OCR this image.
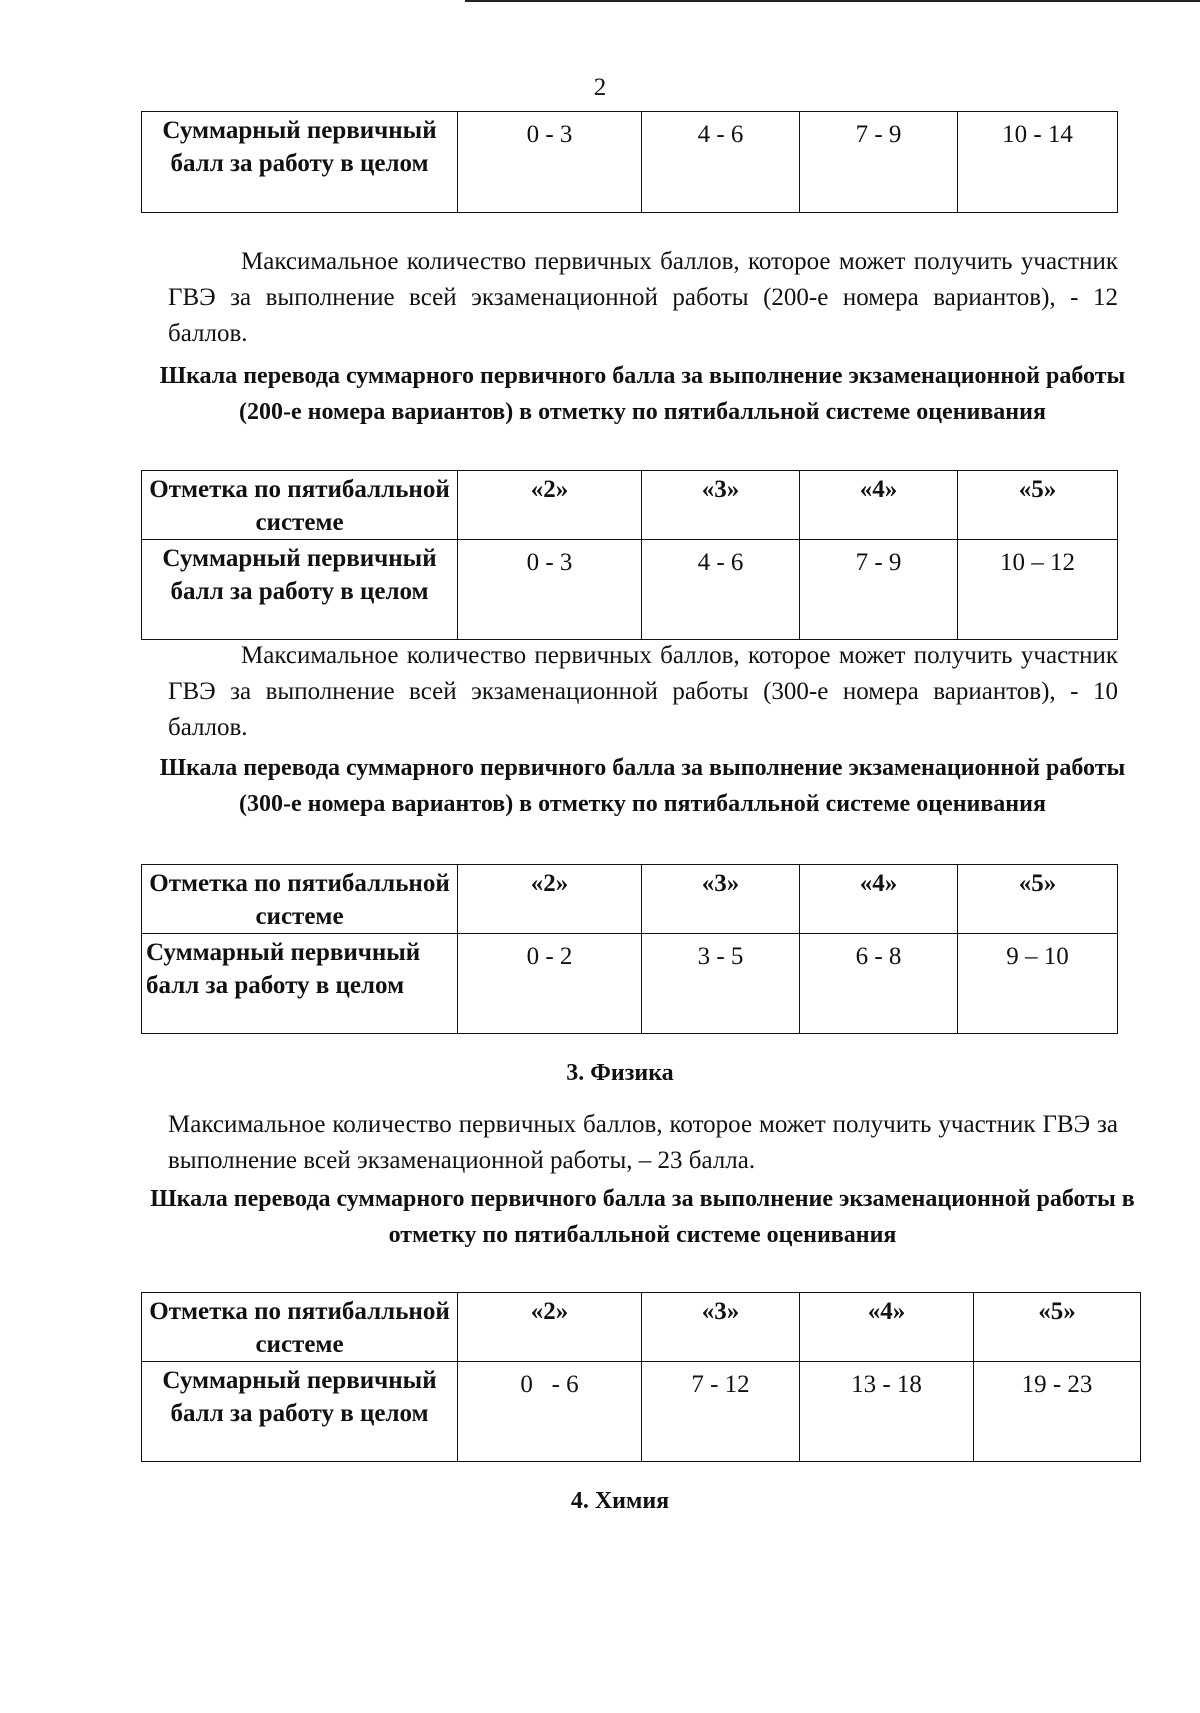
2
Суммарный первичный балл за работу в целом	0 - 3	4 - 6	7 - 9	10 - 14
Максимальное количество первичных баллов, которое может получить участник ГВЭ за выполнение всей экзаменационной работы (200-е номера вариантов), - 12 баллов.
Шкала перевода суммарного первичного балла за выполнение экзаменационной работы (200-е номера вариантов) в отметку по пятибалльной системе оценивания
Отметка по пятибалльной системе	«2»	«3»	«4»	«5»
Суммарный первичный балл за работу в целом	0 - 3	4 - 6	7 - 9	10 – 12
Максимальное количество первичных баллов, которое может получить участник ГВЭ за выполнение всей экзаменационной работы (300-е номера вариантов), - 10 баллов.
Шкала перевода суммарного первичного балла за выполнение экзаменационной работы (300-е номера вариантов) в отметку по пятибалльной системе оценивания
Отметка по пятибалльной системе	«2»	«3»	«4»	«5»
Суммарный первичный балл за работу в целом	0 - 2	3 - 5	6 - 8	9 – 10
3. Физика
Максимальное количество первичных баллов, которое может получить участник ГВЭ за выполнение всей экзаменационной работы, – 23 балла.
Шкала перевода суммарного первичного балла за выполнение экзаменационной работы в отметку по пятибалльной системе оценивания
Отметка по пятибалльной системе	«2»	«3»	«4»	«5»
Суммарный первичный балл за работу в целом	0   - 6	7 - 12	13 - 18	19 - 23
4. Химия
